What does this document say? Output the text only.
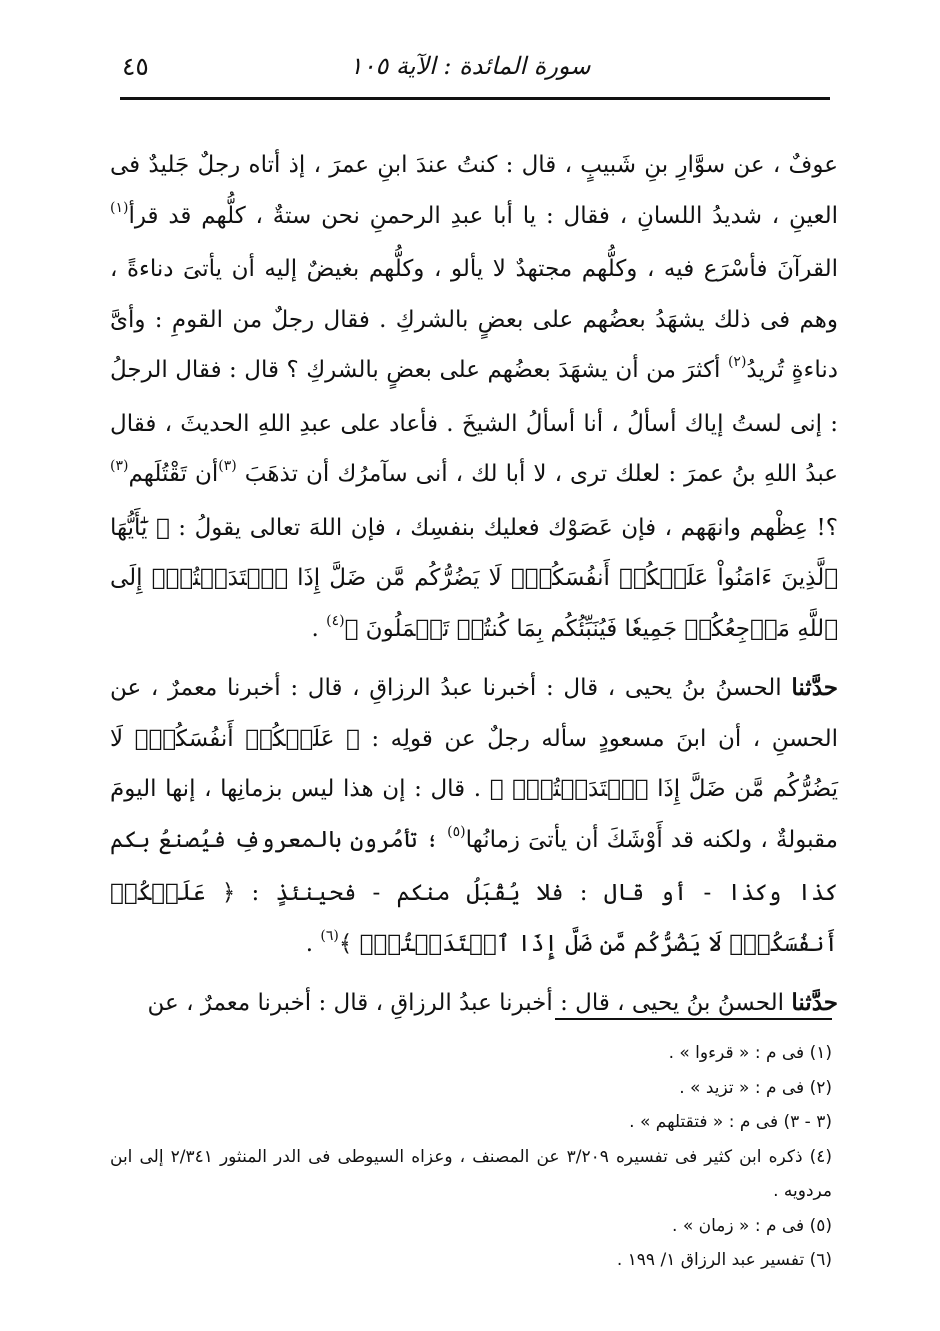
سورة المائدة : الآية ١٠٥
٤٥

عوفٌ ، عن سوَّارِ بنِ شَبيبٍ ، قال : كنتُ عندَ ابنِ عمرَ ، إذ أتاه رجلٌ جَليدٌ فى العينِ ، شديدُ اللسانِ ، فقال : يا أبا عبدِ الرحمنِ نحن ستةٌ ، كلُّهم قد قرأ$^{(١)}$ القرآنَ فأسْرَع فيه ، وكلُّهم مجتهدٌ لا يألو ، وكلُّهم بغيضٌ إليه أن يأتىَ دناءةً ، وهم فى ذلك يشهَدُ بعضُهم على بعضٍ بالشركِ . فقال رجلٌ من القومِ : وأىَّ دناءةٍ تُريدُ$^{(٢)}$ أكثرَ من أن يشهَدَ بعضُهم على بعضٍ بالشركِ ؟ قال : فقال الرجلُ : إنى لستُ إياك أسألُ ، أنا أسألُ الشيخَ . فأعاد على عبدِ اللهِ الحديثَ ، فقال عبدُ اللهِ بنُ عمرَ : لعلك ترى ، لا أبا لك ، أنى سآمرُك أن تذهَبَ $^{(٣)}$أن تَقْتُلَهم$^{(٣)}$ ؟! عِظْهم وانهَهم ، فإن عَصَوْك فعليك بنفسِك ، فإن اللهَ تعالى يقولُ : ﴿ يَٰٓأَيُّهَا ٱلَّذِينَ ءَامَنُواْ عَلَيۡكُمۡ أَنفُسَكُمۡۖ لَا يَضُرُّكُم مَّن ضَلَّ إِذَا ٱهۡتَدَيۡتُمۡۚ إِلَى ٱللَّهِ مَرۡجِعُكُمۡ جَمِيعٗا فَيُنَبِّئُكُم بِمَا كُنتُمۡ تَعۡمَلُونَ ﴾$^{(٤)}$ .

حدَّثنا الحسنُ بنُ يحيى ، قال : أخبرنا عبدُ الرزاقِ ، قال : أخبرنا معمرٌ ، عن الحسنِ ، أن ابنَ مسعودٍ سأله رجلٌ عن قولِه : ﴿ عَلَيۡكُمۡ أَنفُسَكُمۡۖ لَا يَضُرُّكُم مَّن ضَلَّ إِذَا ٱهۡتَدَيۡتُمۡۚ ﴾ . قال : إن هذا ليس بزمانِها ، إنها اليومَ مقبولةٌ ، ولكنه قد أَوْشَكَ أن يأتىَ زمانُها$^{(٥)}$ ؛ تأمُرون بالمعروفِ فيُصنعُ بكم كذا وكذا - أو قال : فلا يُقْبَلُ منكم - فحينئذٍ : ﴿ عَلَيۡكُمۡ أَنفُسَكُمۡۖ لَا يَضُرُّكُم مَّن ضَلَّ إِذَا ٱهۡتَدَيۡتُمۡۚ ﴾$^{(٦)}$ .

حدَّثنا الحسنُ بنُ يحيى ، قال : أخبرنا عبدُ الرزاقِ ، قال : أخبرنا معمرٌ ، عن

(١) فى م : « قرءوا » .

(٢) فى م : « تزيد » .

(٣ - ٣) فى م : « فتقتلهم » .

(٤) ذكره ابن كثير فى تفسيره ٣/٢٠٩ عن المصنف ، وعزاه السيوطى فى الدر المنثور ٢/٣٤١ إلى ابن مردويه .

(٥) فى م : « زمان » .

(٦) تفسير عبد الرزاق ١/ ١٩٩ .
